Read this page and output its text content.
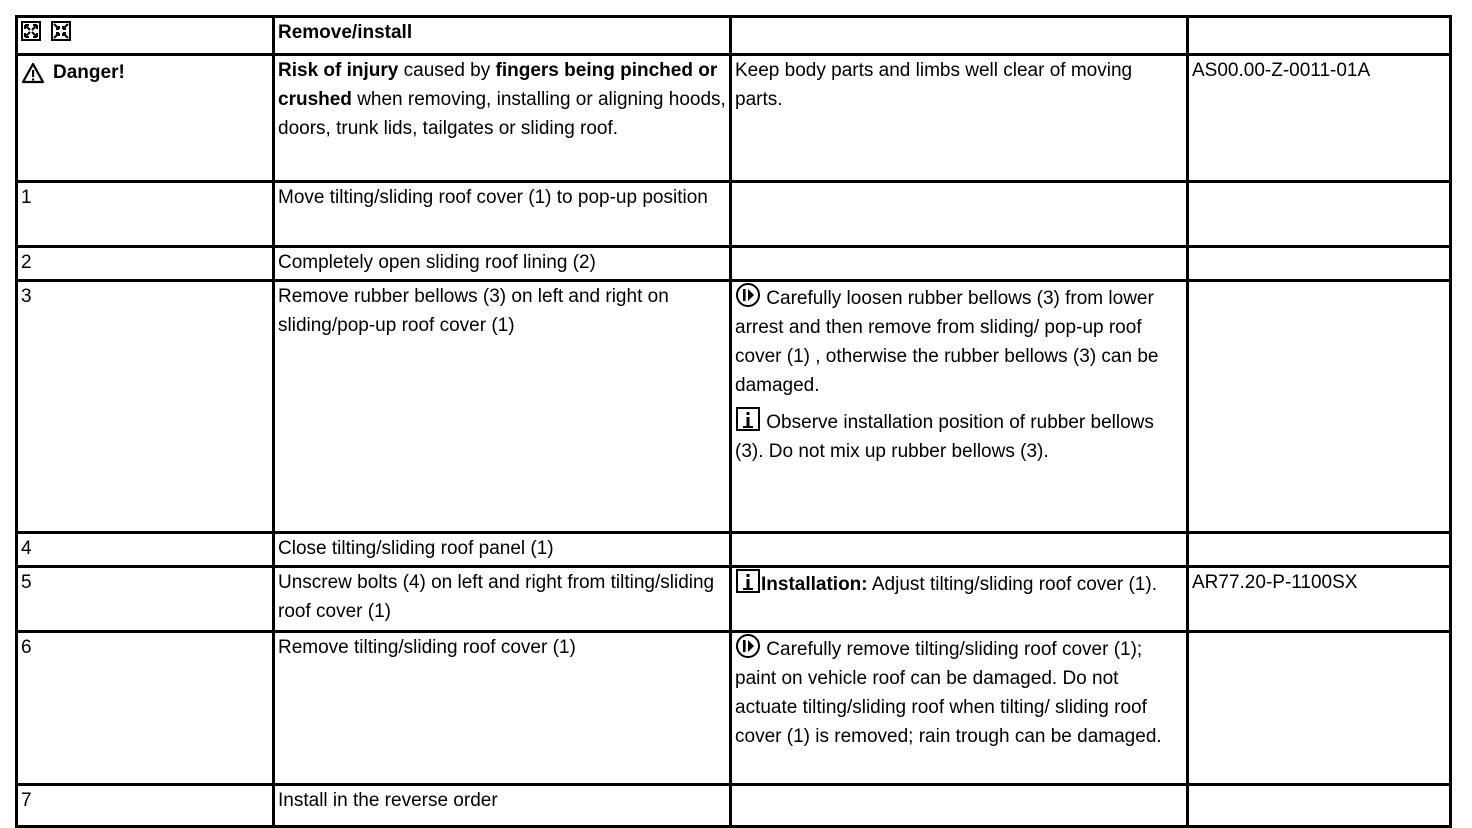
	Remove/install		

Danger!	Risk of injury caused by fingers being pinched or crushed when removing, installing or aligning hoods, doors, trunk lids, tailgates or sliding roof.	Keep body parts and limbs well clear of moving parts.	AS00.00-Z-0011-01A
1	Move tilting/sliding roof cover (1) to pop-up position		
2	Completely open sliding roof lining (2)		
3	Remove rubber bellows (3) on left and right on sliding/pop-up roof cover (1)	Carefully loosen rubber bellows (3) from lower arrest and then remove from sliding/ pop-up roof cover (1) , otherwise the rubber bellows (3) can be damaged.
Observe installation position of rubber bellows (3). Do not mix up rubber bellows (3).	

4	Close tilting/sliding roof panel (1)		
5	Unscrew bolts (4) on left and right from tilting/sliding roof cover (1)	Installation: Adjust tilting/sliding roof cover (1).	AR77.20-P-1100SX
6	Remove tilting/sliding roof cover (1)	Carefully remove tilting/sliding roof cover (1); paint on vehicle roof can be damaged. Do not actuate tilting/sliding roof when tilting/ sliding roof cover (1) is removed; rain trough can be damaged.	

7	Install in the reverse order		
